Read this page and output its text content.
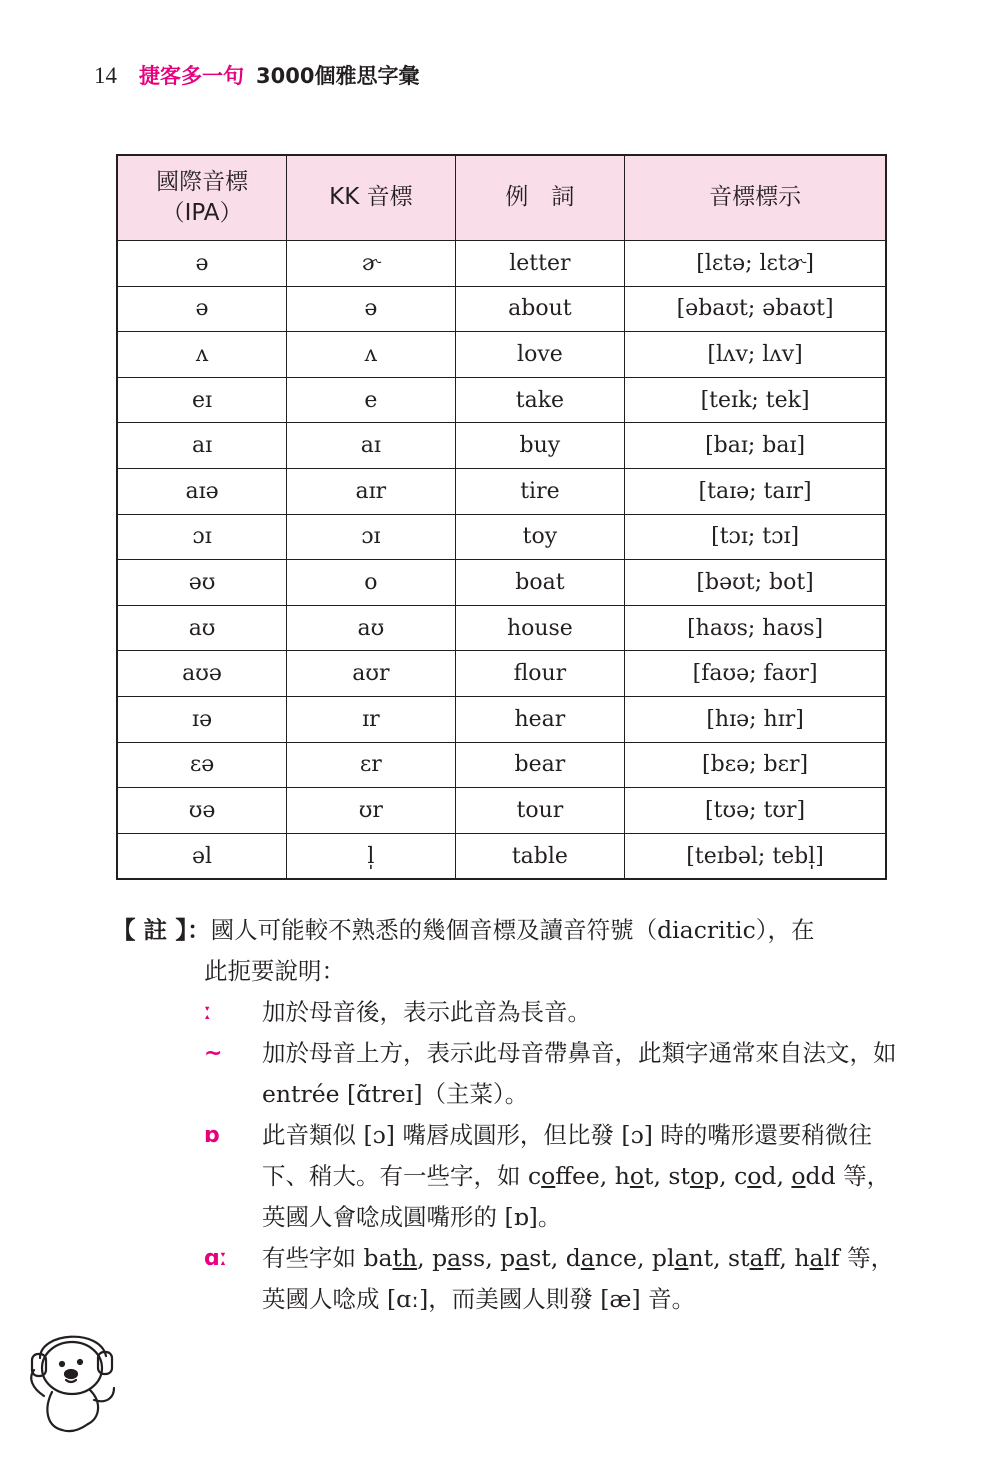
14 捷客多一句 3000個雅思字彙
國際音標
（IPA）	KK 音標	例　詞	音標標示
ə	ɚ	letter	[lɛtə; lɛtɚ]
ə	ə	about	[əbaʊt; əbaʊt]
ʌ	ʌ	love	[lʌv; lʌv]
eɪ	e	take	[teɪk; tek]
aɪ	aɪ	buy	[baɪ; baɪ]
aɪə	aɪr	tire	[taɪə; taɪr]
ɔɪ	ɔɪ	toy	[tɔɪ; tɔɪ]
əʊ	o	boat	[bəʊt; bot]
aʊ	aʊ	house	[haʊs; haʊs]
aʊə	aʊr	flour	[faʊə; faʊr]
ɪə	ɪr	hear	[hɪə; hɪr]
ɛə	ɛr	bear	[bɛə; bɛr]
ʊə	ʊr	tour	[tʊə; tʊr]
əl	l̩	table	[teɪbəl; tebl̩]
【 註 】：國人可能較不熟悉的幾個音標及讀音符號（diacritic），在
此扼要說明：
ː	加於母音後，表示此音為長音。
~	加於母音上方，表示此母音帶鼻音，此類字通常來自法文，如 entrée [ɑ̃treɪ]（主菜）。
ɒ	此音類似 [ɔ] 嘴唇成圓形，但比發 [ɔ] 時的嘴形還要稍微往下、稍大。有一些字，如 coffee, hot, stop, cod, odd 等，英國人會唸成圓嘴形的 [ɒ]。
ɑː	有些字如 bath, pass, past, dance, plant, staff, half 等，英國人唸成 [ɑː]，而美國人則發 [æ] 音。
